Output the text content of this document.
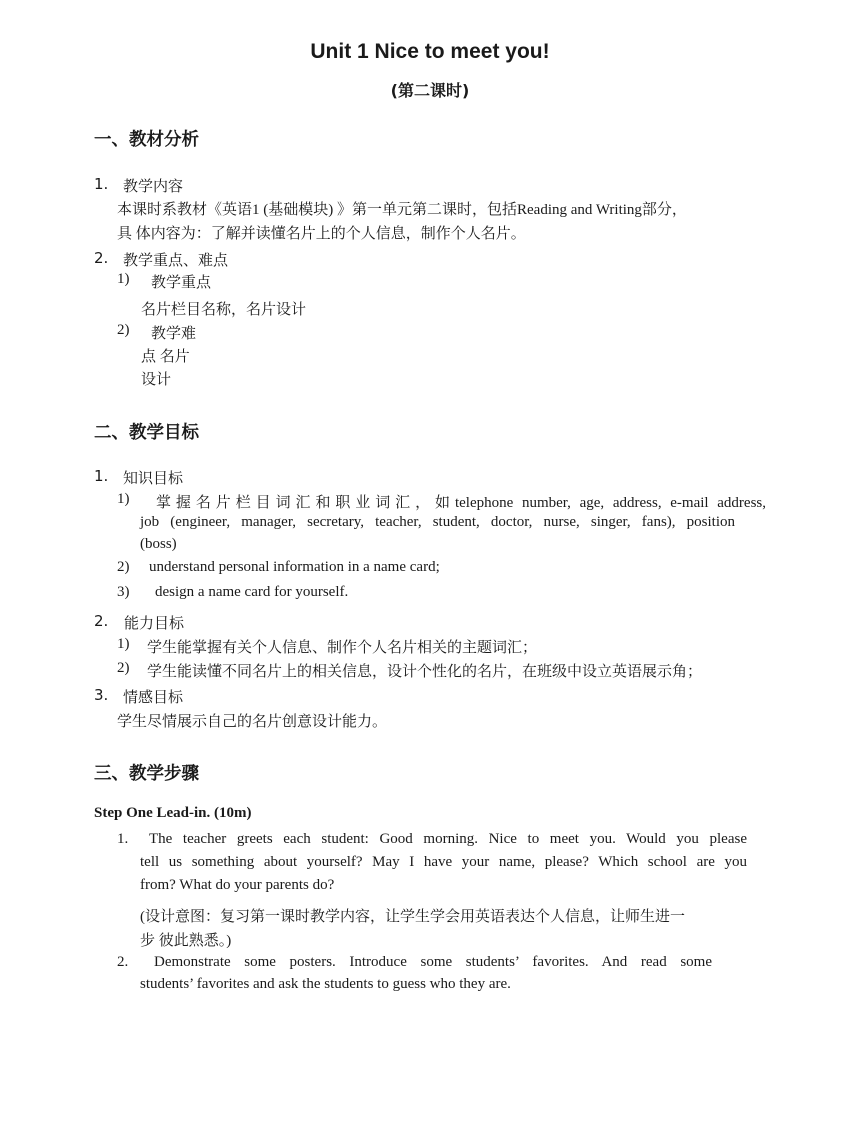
Unit 1 Nice to meet you!
(第二课时)
一、教材分析
1. 教学内容
本课时系教材《英语1 (基础模块) 》第一单元第二课时，包括Reading and Writing部分，
具 体内容为：了解并读懂名片上的个人信息，制作个人名片。
2. 教学重点、难点
1) 教学重点
名片栏目名称，名片设计
2) 教学难
点 名片
设计
二、教学目标
1. 知识目标
1) 掌握名片栏目词汇和职业词汇，如telephone number, age, address, e-mail address,
job (engineer, manager, secretary, teacher, student, doctor, nurse, singer, fans), position
(boss)
2) understand personal information in a name card;
3) design a name card for yourself.
2. 能力目标
1) 学生能掌握有关个人信息、制作个人名片相关的主题词汇；
2) 学生能读懂不同名片上的相关信息，设计个性化的名片，在班级中设立英语展示角；
3. 情感目标
学生尽情展示自己的名片创意设计能力。
三、教学步骤
Step One Lead-in. (10m)
1. The teacher greets each student: Good morning. Nice to meet you. Would you please
tell us something about yourself? May I have your name, please? Which school are you
from? What do your parents do?
(设计意图：复习第一课时教学内容，让学生学会用英语表达个人信息，让师生进一
步 彼此熟悉。)
2. Demonstrate some posters. Introduce some students’ favorites. And read some
students’ favorites and ask the students to guess who they are.
